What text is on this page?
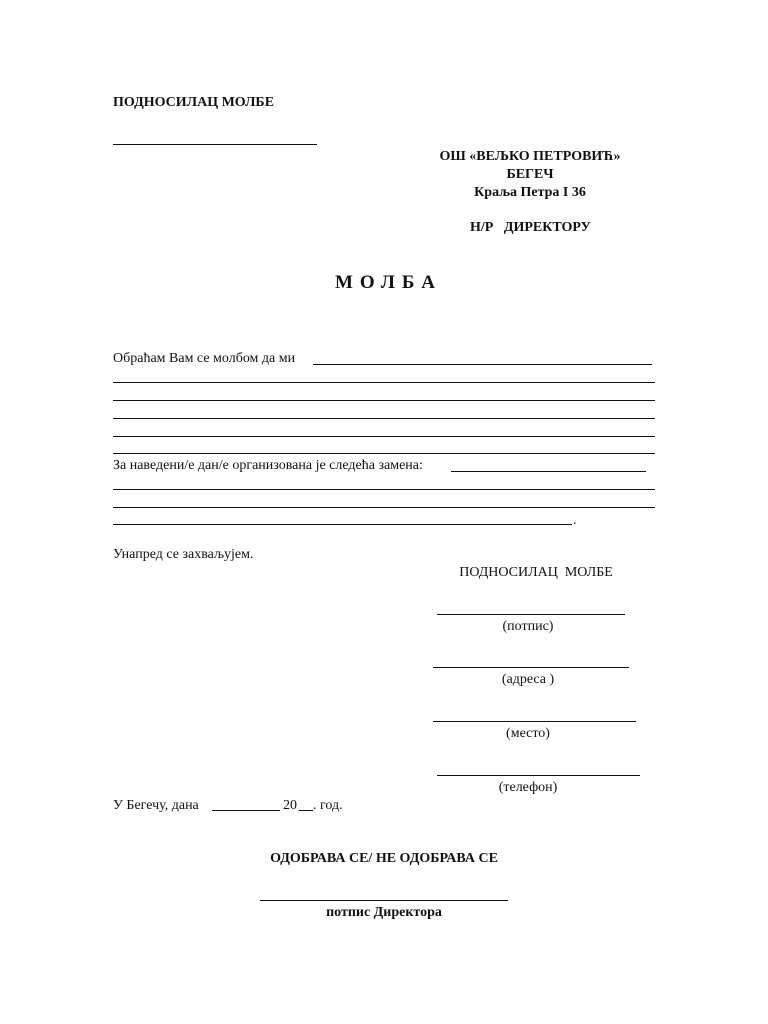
ПОДНОСИЛАЦ МОЛБЕ
ОШ «ВЕЉКО ПЕТРОВИЋ»
БЕГЕЧ
Краља Петра I 36
Н/Р   ДИРЕКТОРУ
МОЛБА
Обраћам Вам се молбом да ми
За наведени/е дан/е организована је следећа замена:
.
Унапред се захваљујем.
ПОДНОСИЛАЦ  МОЛБЕ
(потпис)
(адреса )
(место)
(телефон)
У Бегечу, дана	20 . год.
ОДОБРАВА СЕ/ НЕ ОДОБРАВА СЕ
потпис Директора
